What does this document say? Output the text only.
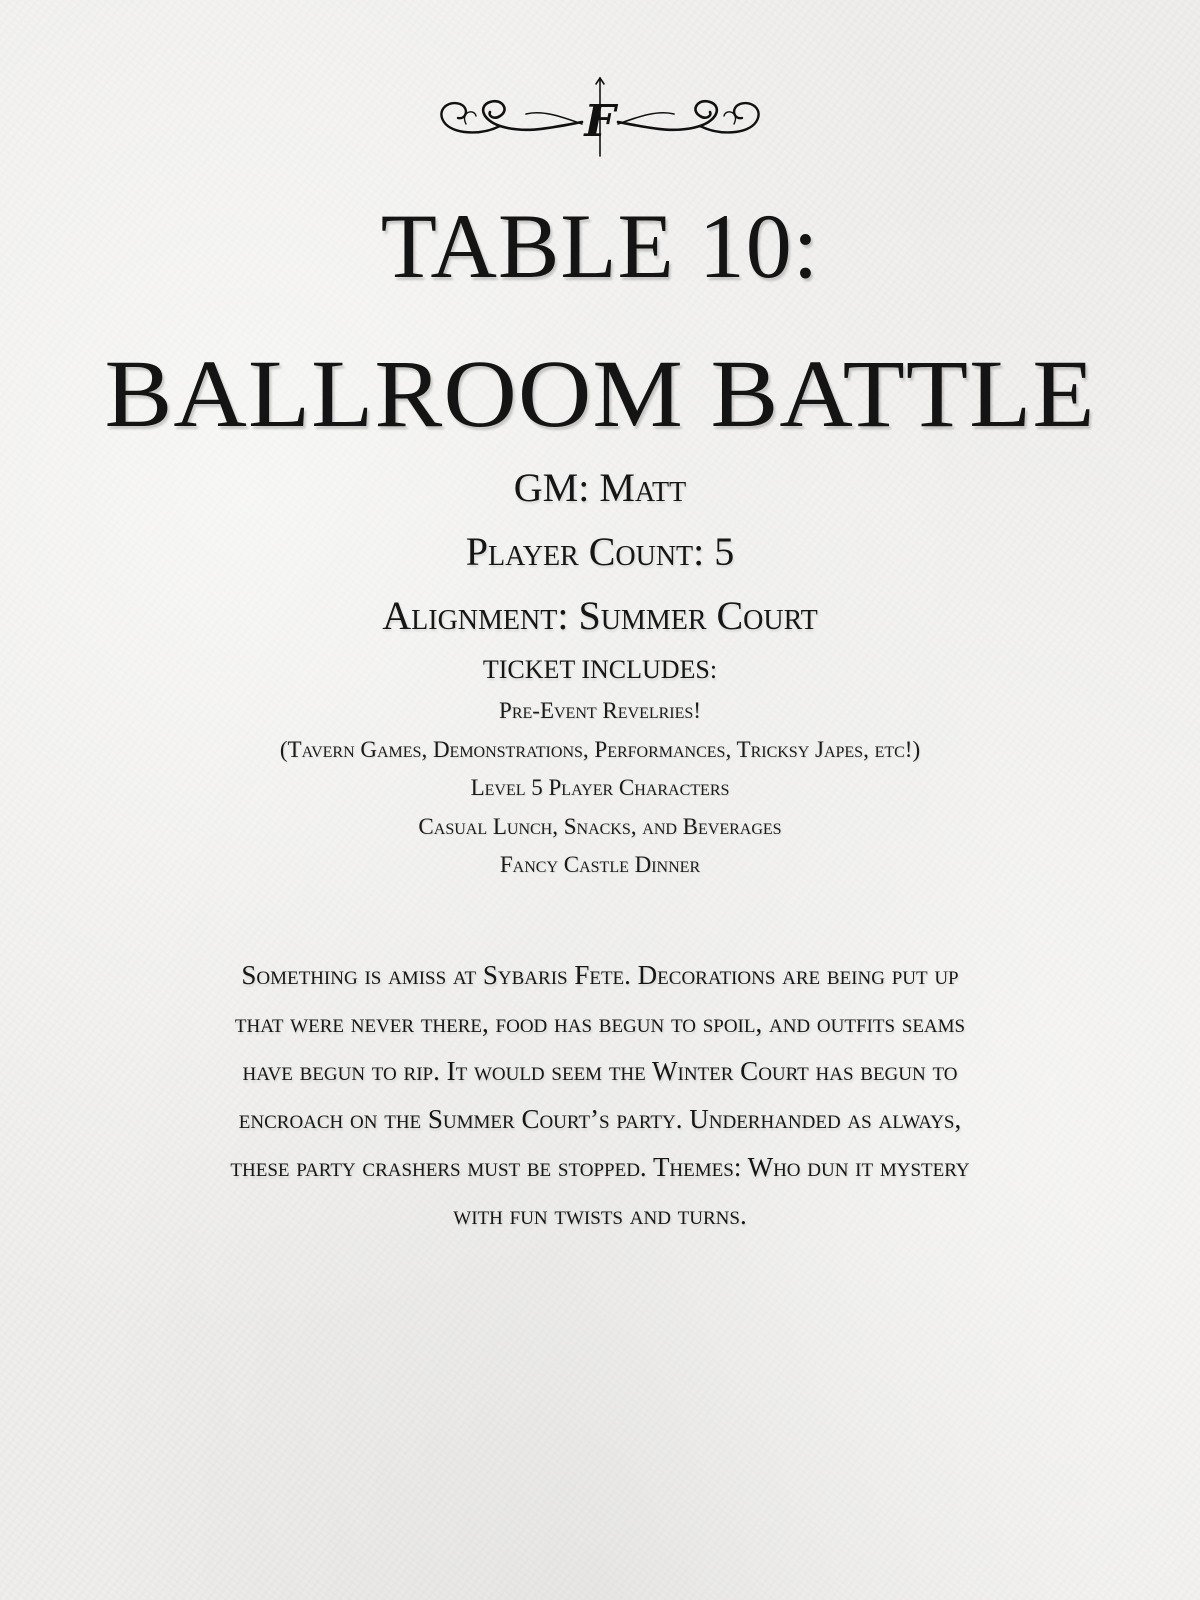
F
TABLE 10:
BALLROOM BATTLE
GM: Matt
Player Count: 5
Alignment: Summer Court
TICKET INCLUDES:
Pre-Event Revelries!
(Tavern Games, Demonstrations, Performances, Tricksy Japes, etc!)
Level 5 Player Characters
Casual Lunch, Snacks, and Beverages
Fancy Castle Dinner
Something is amiss at Sybaris Fete. Decorations are being put up
that were never there, food has begun to spoil, and outfits seams
have begun to rip. It would seem the Winter Court has begun to
encroach on the Summer Court’s party. Underhanded as always,
these party crashers must be stopped. Themes: Who dun it mystery
with fun twists and turns.
